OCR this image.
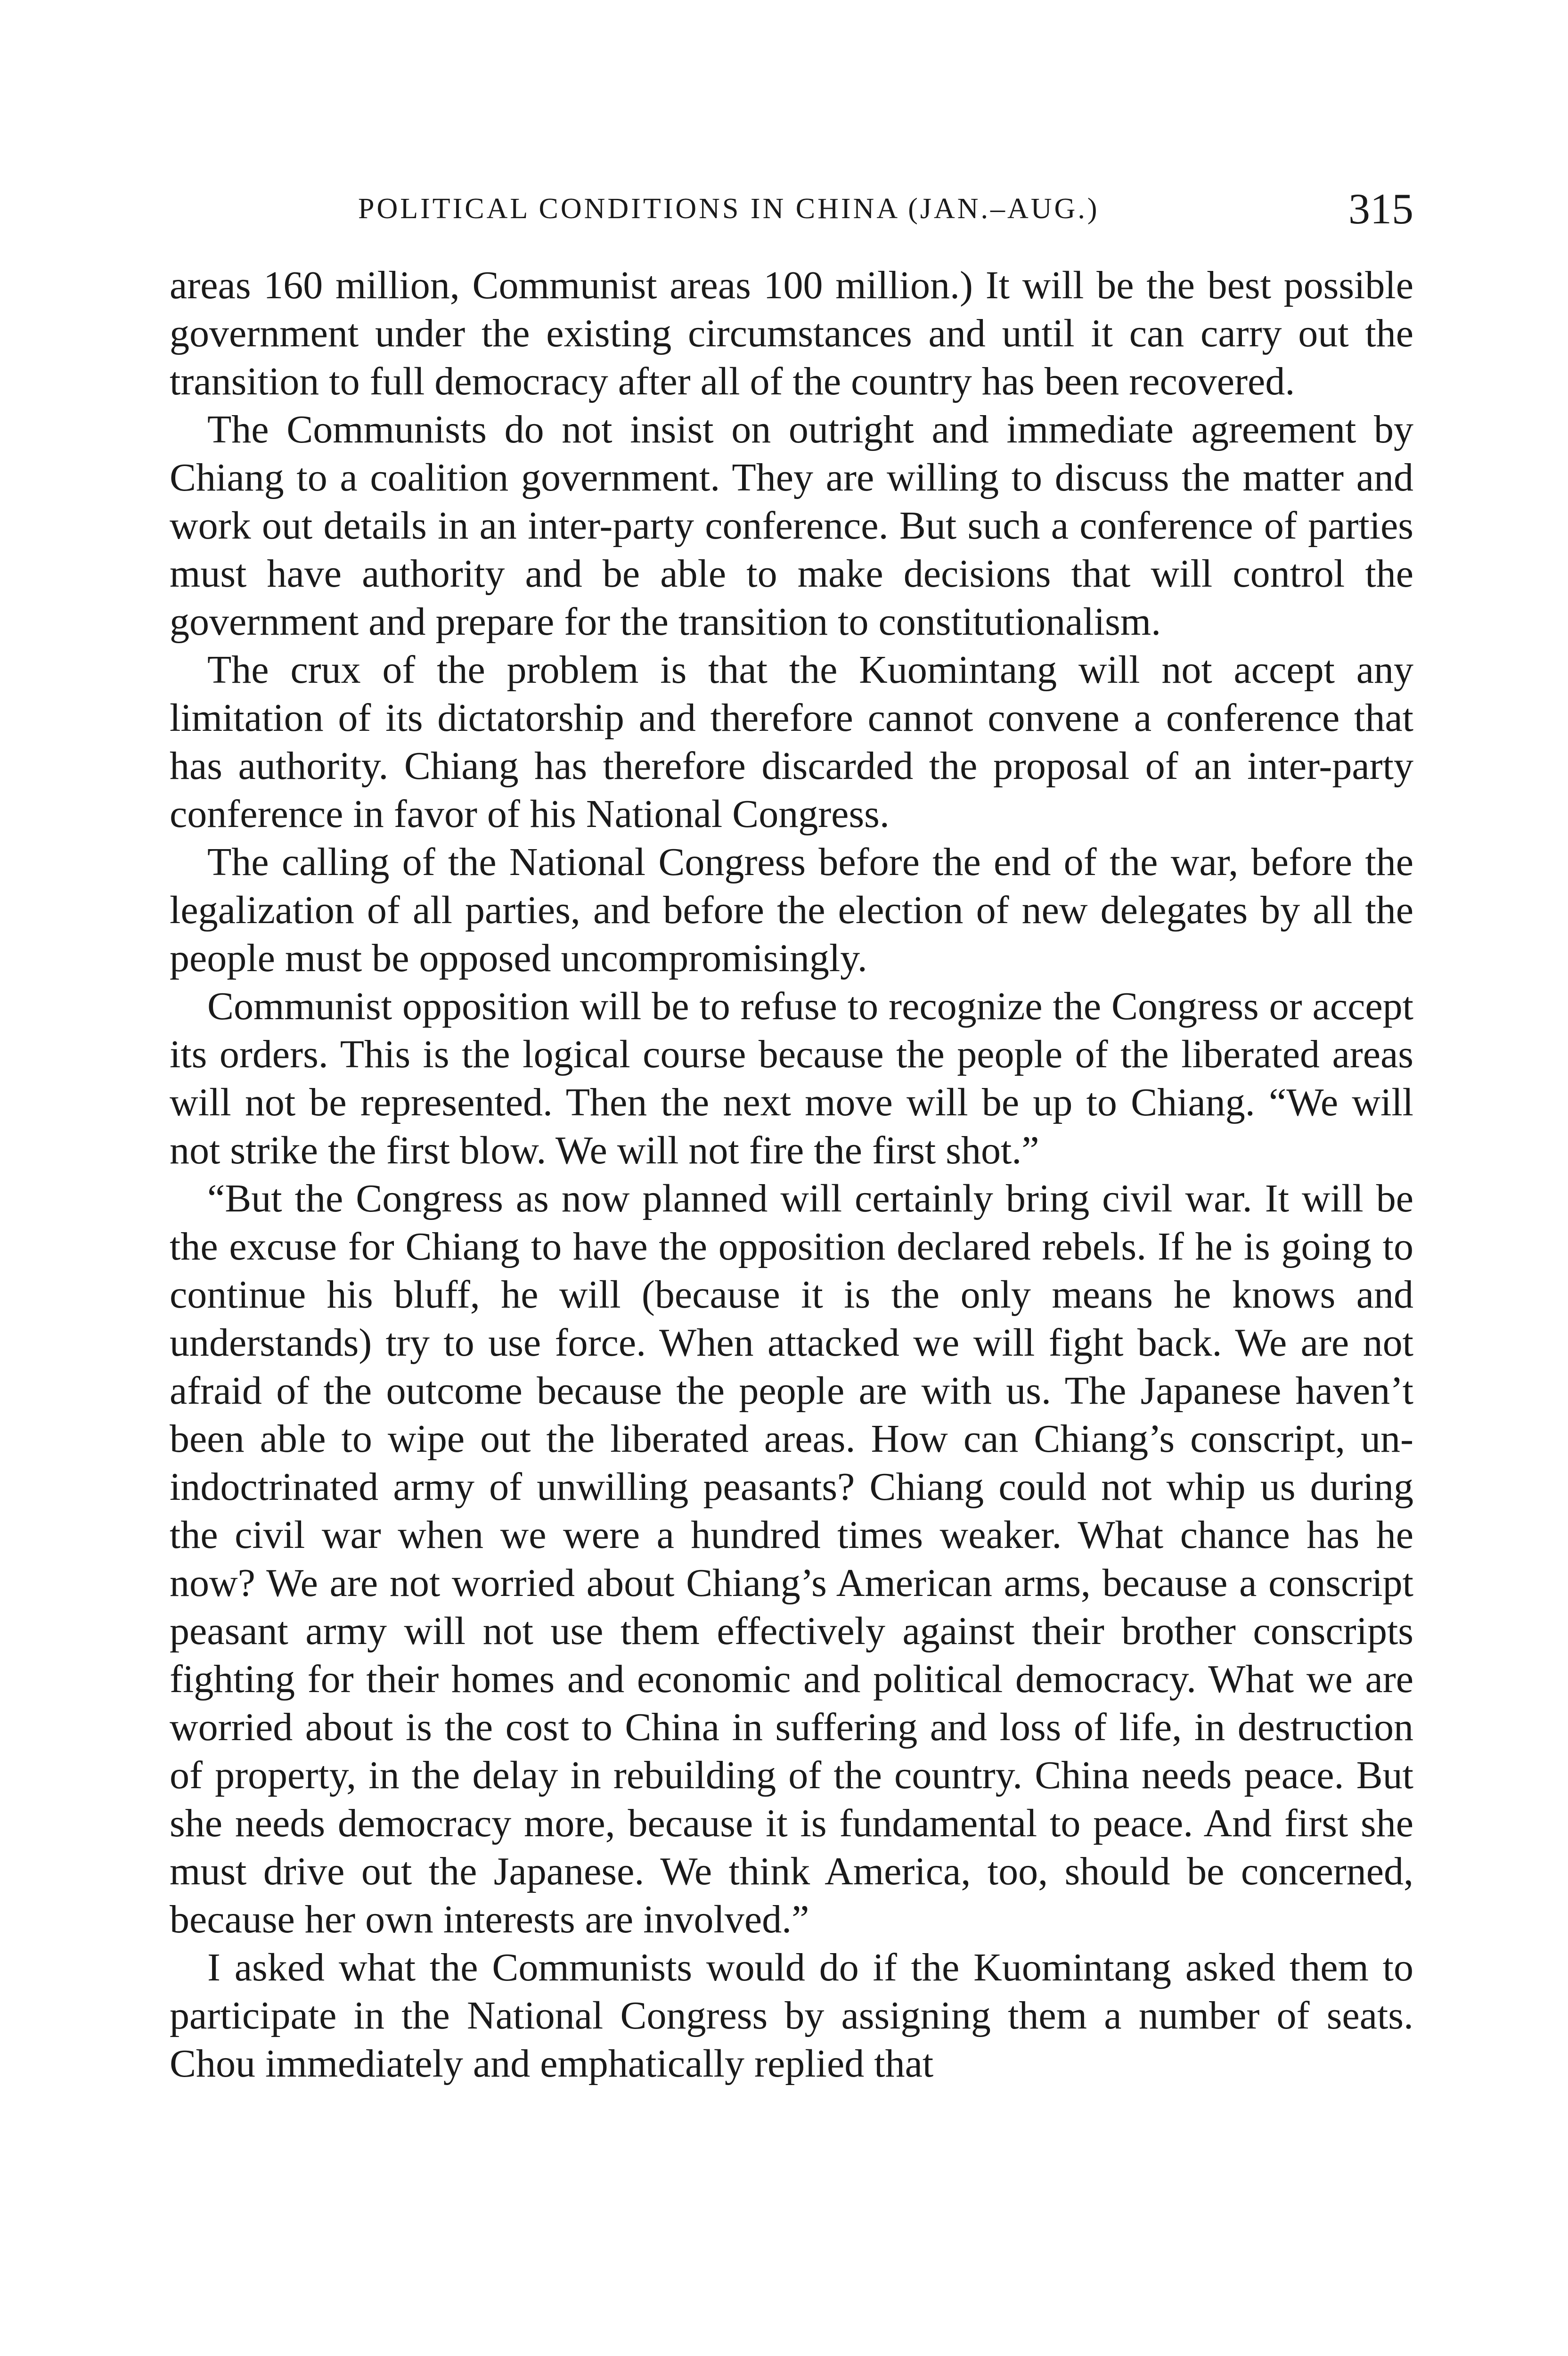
POLITICAL CONDITIONS IN CHINA (JAN.–AUG.)	315

areas 160 million, Communist areas 100 million.) It will be the best possible government under the existing circumstances and until it can carry out the transition to full democracy after all of the country has been recovered.

The Communists do not insist on outright and immediate agreement by Chiang to a coalition government. They are willing to discuss the matter and work out details in an inter-party conference. But such a conference of parties must have authority and be able to make decisions that will control the government and prepare for the transition to constitutionalism.

The crux of the problem is that the Kuomintang will not accept any limitation of its dictatorship and therefore cannot convene a conference that has authority. Chiang has therefore discarded the proposal of an inter-party conference in favor of his National Congress.

The calling of the National Congress before the end of the war, before the legalization of all parties, and before the election of new delegates by all the people must be opposed uncompromisingly.

Communist opposition will be to refuse to recognize the Congress or accept its orders. This is the logical course because the people of the liberated areas will not be represented. Then the next move will be up to Chiang. “We will not strike the first blow. We will not fire the first shot.”

“But the Congress as now planned will certainly bring civil war. It will be the excuse for Chiang to have the opposition declared rebels. If he is going to continue his bluff, he will (because it is the only means he knows and understands) try to use force. When attacked we will fight back. We are not afraid of the outcome because the people are with us. The Japanese haven’t been able to wipe out the liberated areas. How can Chiang’s conscript, un-indoctrinated army of unwilling peasants? Chiang could not whip us during the civil war when we were a hundred times weaker. What chance has he now? We are not worried about Chiang’s American arms, because a conscript peasant army will not use them effectively against their brother conscripts fighting for their homes and economic and political democracy. What we are worried about is the cost to China in suffering and loss of life, in destruction of property, in the delay in rebuilding of the country. China needs peace. But she needs democracy more, because it is fundamental to peace. And first she must drive out the Japanese. We think America, too, should be concerned, because her own interests are involved.”

I asked what the Communists would do if the Kuomintang asked them to participate in the National Congress by assigning them a number of seats. Chou immediately and emphatically replied that
